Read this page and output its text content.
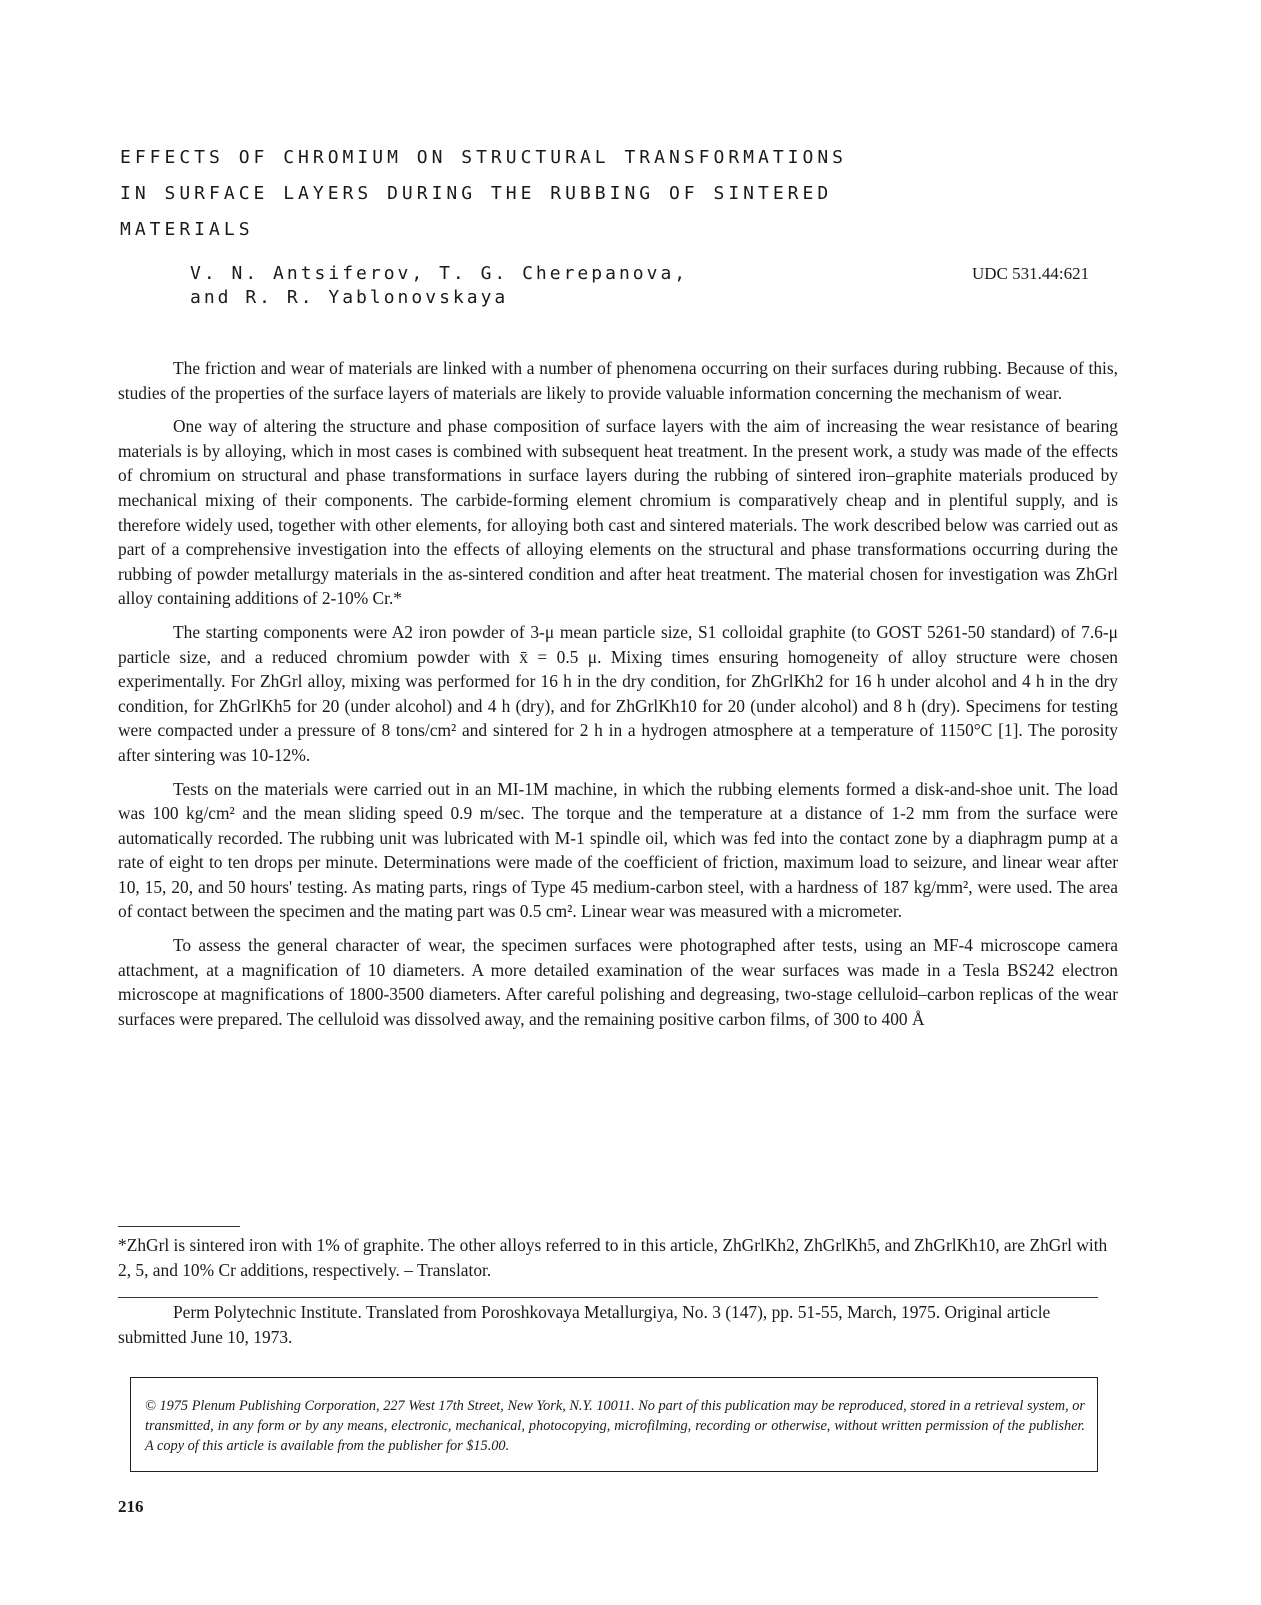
EFFECTS OF CHROMIUM ON STRUCTURAL TRANSFORMATIONS
IN SURFACE LAYERS DURING THE RUBBING OF SINTERED
MATERIALS
V. N. Antsiferov, T. G. Cherepanova,
and R. R. Yablonovskaya
UDC 531.44:621

The friction and wear of materials are linked with a number of phenomena occurring on their surfaces during rubbing. Because of this, studies of the properties of the surface layers of materials are likely to provide valuable information concerning the mechanism of wear.

One way of altering the structure and phase composition of surface layers with the aim of increasing the wear resistance of bearing materials is by alloying, which in most cases is combined with subsequent heat treatment. In the present work, a study was made of the effects of chromium on structural and phase transformations in surface layers during the rubbing of sintered iron–graphite materials produced by mechanical mixing of their components. The carbide-forming element chromium is comparatively cheap and in plentiful supply, and is therefore widely used, together with other elements, for alloying both cast and sintered materials. The work described below was carried out as part of a comprehensive investigation into the effects of alloying elements on the structural and phase transformations occurring during the rubbing of powder metallurgy materials in the as-sintered condition and after heat treatment. The material chosen for investigation was ZhGrl alloy containing additions of 2-10% Cr.*

The starting components were A2 iron powder of 3-μ mean particle size, S1 colloidal graphite (to GOST 5261-50 standard) of 7.6-μ particle size, and a reduced chromium powder with x̄ = 0.5 μ. Mixing times ensuring homogeneity of alloy structure were chosen experimentally. For ZhGrl alloy, mixing was performed for 16 h in the dry condition, for ZhGrlKh2 for 16 h under alcohol and 4 h in the dry condition, for ZhGrlKh5 for 20 (under alcohol) and 4 h (dry), and for ZhGrlKh10 for 20 (under alcohol) and 8 h (dry). Specimens for testing were compacted under a pressure of 8 tons/cm² and sintered for 2 h in a hydrogen atmosphere at a temperature of 1150°C [1]. The porosity after sintering was 10-12%.

Tests on the materials were carried out in an MI-1M machine, in which the rubbing elements formed a disk-and-shoe unit. The load was 100 kg/cm² and the mean sliding speed 0.9 m/sec. The torque and the temperature at a distance of 1-2 mm from the surface were automatically recorded. The rubbing unit was lubricated with M-1 spindle oil, which was fed into the contact zone by a diaphragm pump at a rate of eight to ten drops per minute. Determinations were made of the coefficient of friction, maximum load to seizure, and linear wear after 10, 15, 20, and 50 hours' testing. As mating parts, rings of Type 45 medium-carbon steel, with a hardness of 187 kg/mm², were used. The area of contact between the specimen and the mating part was 0.5 cm². Linear wear was measured with a micrometer.

To assess the general character of wear, the specimen surfaces were photographed after tests, using an MF-4 microscope camera attachment, at a magnification of 10 diameters. A more detailed examination of the wear surfaces was made in a Tesla BS242 electron microscope at magnifications of 1800-3500 diameters. After careful polishing and degreasing, two-stage celluloid–carbon replicas of the wear surfaces were prepared. The celluloid was dissolved away, and the remaining positive carbon films, of 300 to 400 Å

*ZhGrl is sintered iron with 1% of graphite. The other alloys referred to in this article, ZhGrlKh2, ZhGrlKh5, and ZhGrlKh10, are ZhGrl with 2, 5, and 10% Cr additions, respectively. – Translator.

Perm Polytechnic Institute. Translated from Poroshkovaya Metallurgiya, No. 3 (147), pp. 51-55, March, 1975. Original article submitted June 10, 1973.

© 1975 Plenum Publishing Corporation, 227 West 17th Street, New York, N.Y. 10011. No part of this publication may be reproduced, stored in a retrieval system, or transmitted, in any form or by any means, electronic, mechanical, photocopying, microfilming, recording or otherwise, without written permission of the publisher. A copy of this article is available from the publisher for $15.00.
216
